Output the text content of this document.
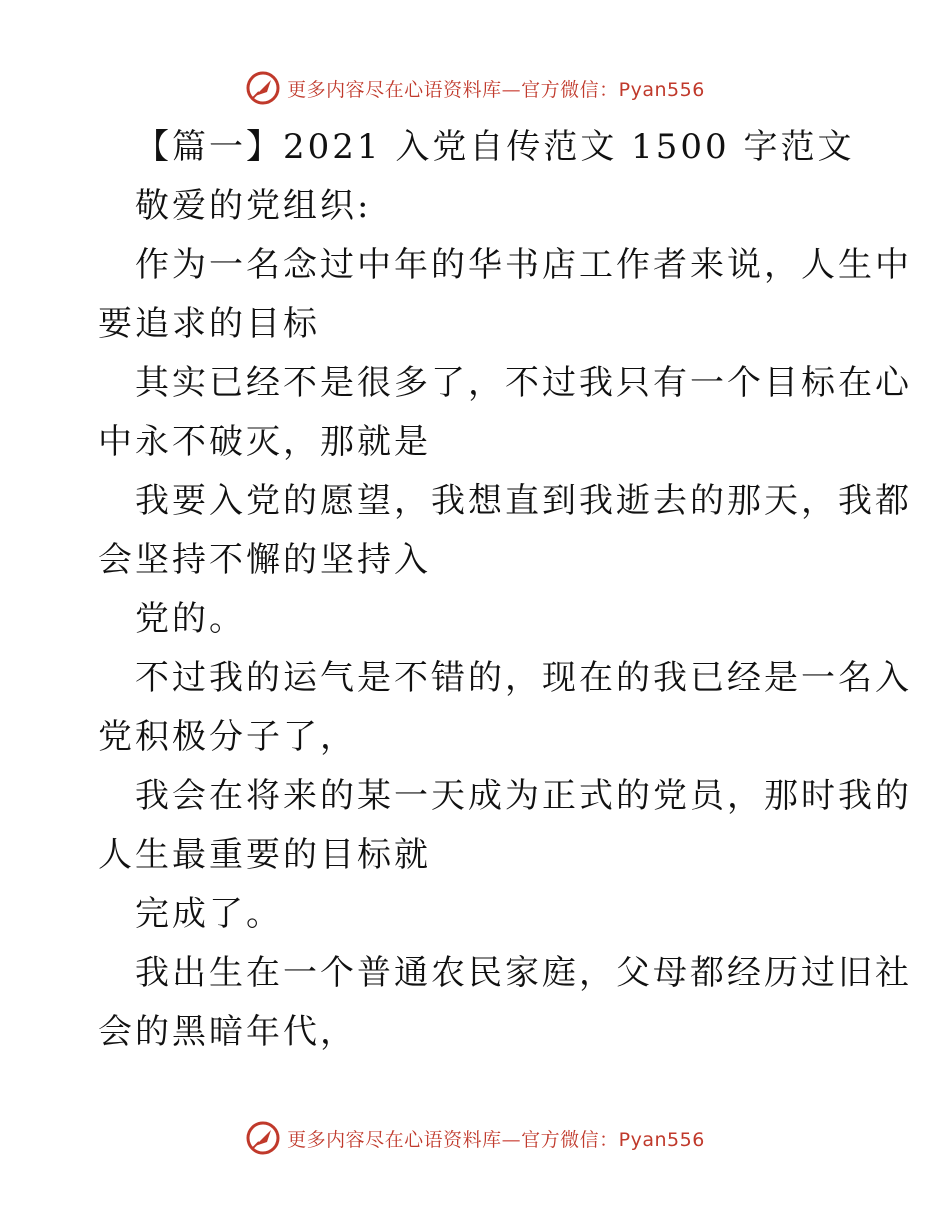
更多内容尽在心语资料库—官方微信：Pyan556
【篇一】2021 入党自传范文 1500 字范文
敬爱的党组织:
作为一名念过中年的华书店工作者来说，人生中
要追求的目标
其实已经不是很多了，不过我只有一个目标在心
中永不破灭，那就是
我要入党的愿望，我想直到我逝去的那天，我都
会坚持不懈的坚持入
党的。
不过我的运气是不错的，现在的我已经是一名入
党积极分子了，
我会在将来的某一天成为正式的党员，那时我的
人生最重要的目标就
完成了。
我出生在一个普通农民家庭，父母都经历过旧社
会的黑暗年代，
更多内容尽在心语资料库—官方微信：Pyan556
